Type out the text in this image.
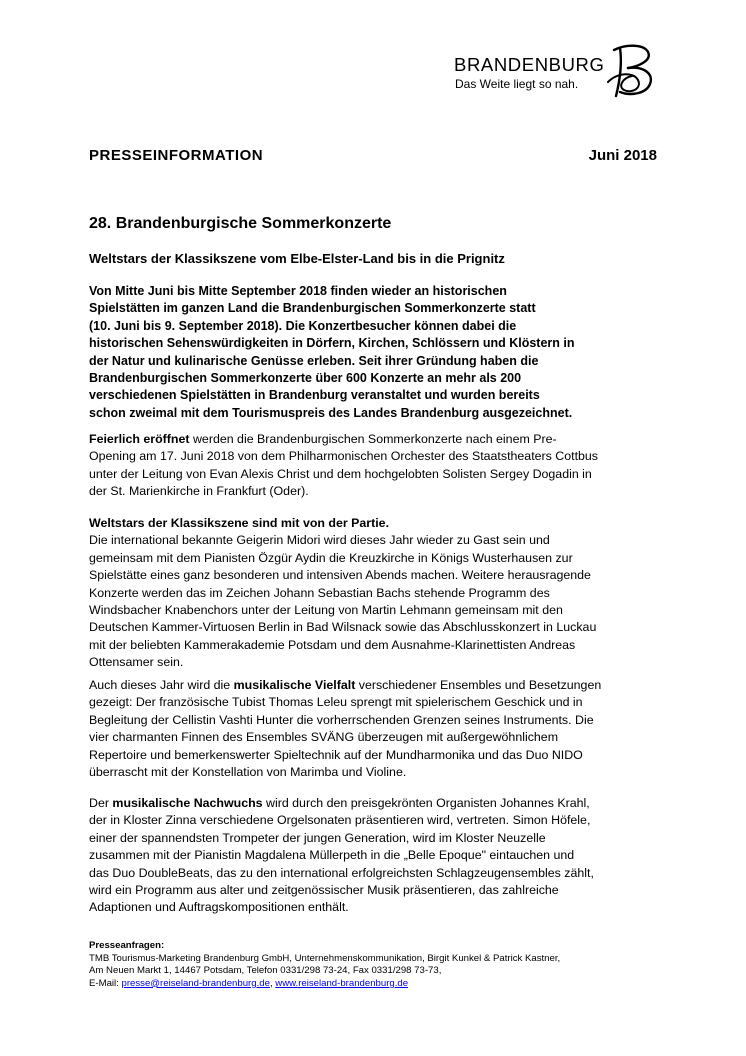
BRANDENBURG
Das Weite liegt so nah.
PRESSEINFORMATION	Juni 2018
28. Brandenburgische Sommerkonzerte
Weltstars der Klassikszene vom Elbe-Elster-Land bis in die Prignitz
Von Mitte Juni bis Mitte September 2018 finden wieder an historischen
Spielstätten im ganzen Land die Brandenburgischen Sommerkonzerte statt
(10. Juni bis 9. September 2018). Die Konzertbesucher können dabei die
historischen Sehenswürdigkeiten in Dörfern, Kirchen, Schlössern und Klöstern in
der Natur und kulinarische Genüsse erleben. Seit ihrer Gründung haben die
Brandenburgischen Sommerkonzerte über 600 Konzerte an mehr als 200
verschiedenen Spielstätten in Brandenburg veranstaltet und wurden bereits
schon zweimal mit dem Tourismuspreis des Landes Brandenburg ausgezeichnet.
Feierlich eröffnet werden die Brandenburgischen Sommerkonzerte nach einem Pre-
Opening am 17. Juni 2018 von dem Philharmonischen Orchester des Staatstheaters Cottbus
unter der Leitung von Evan Alexis Christ und dem hochgelobten Solisten Sergey Dogadin in
der St. Marienkirche in Frankfurt (Oder).
Weltstars der Klassikszene sind mit von der Partie.
Die international bekannte Geigerin Midori wird dieses Jahr wieder zu Gast sein und
gemeinsam mit dem Pianisten Özgür Aydin die Kreuzkirche in Königs Wusterhausen zur
Spielstätte eines ganz besonderen und intensiven Abends machen. Weitere herausragende
Konzerte werden das im Zeichen Johann Sebastian Bachs stehende Programm des
Windsbacher Knabenchors unter der Leitung von Martin Lehmann gemeinsam mit den
Deutschen Kammer-Virtuosen Berlin in Bad Wilsnack sowie das Abschlusskonzert in Luckau
mit der beliebten Kammerakademie Potsdam und dem Ausnahme-Klarinettisten Andreas
Ottensamer sein.
Auch dieses Jahr wird die musikalische Vielfalt verschiedener Ensembles und Besetzungen
gezeigt: Der französische Tubist Thomas Leleu sprengt mit spielerischem Geschick und in
Begleitung der Cellistin Vashti Hunter die vorherrschenden Grenzen seines Instruments. Die
vier charmanten Finnen des Ensembles SVÄNG überzeugen mit außergewöhnlichem
Repertoire und bemerkenswerter Spieltechnik auf der Mundharmonika und das Duo NIDO
überrascht mit der Konstellation von Marimba und Violine.
Der musikalische Nachwuchs wird durch den preisgekrönten Organisten Johannes Krahl,
der in Kloster Zinna verschiedene Orgelsonaten präsentieren wird, vertreten. Simon Höfele,
einer der spannendsten Trompeter der jungen Generation, wird im Kloster Neuzelle
zusammen mit der Pianistin Magdalena Müllerpeth in die „Belle Epoque" eintauchen und
das Duo DoubleBeats, das zu den international erfolgreichsten Schlagzeugensembles zählt,
wird ein Programm aus alter und zeitgenössischer Musik präsentieren, das zahlreiche
Adaptionen und Auftragskompositionen enthält.
Presseanfragen:
TMB Tourismus-Marketing Brandenburg GmbH, Unternehmenskommunikation, Birgit Kunkel & Patrick Kastner,
Am Neuen Markt 1, 14467 Potsdam, Telefon 0331/298 73-24, Fax 0331/298 73-73,
E-Mail: presse@reiseland-brandenburg.de, www.reiseland-brandenburg.de
